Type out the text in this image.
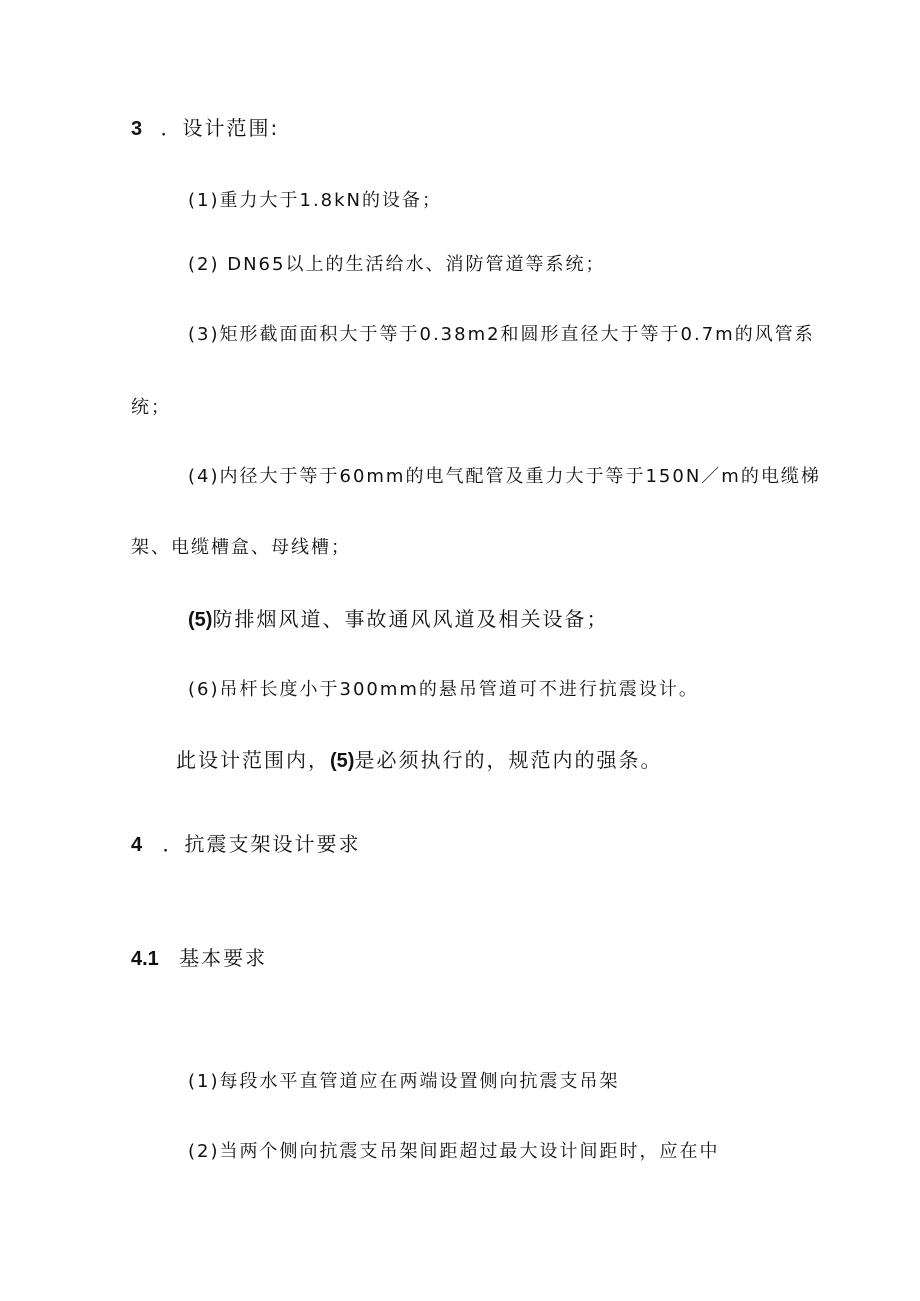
3 ．设计范围:
(1)重力大于1.8kN的设备；
(2) DN65以上的生活给水、消防管道等系统；
(3)矩形截面面积大于等于0.38m2和圆形直径大于等于0.7m的风管系
统；
(4)内径大于等于60mm的电气配管及重力大于等于150N／m的电缆梯
架、电缆槽盒、母线槽；
(5)防排烟风道、事故通风风道及相关设备；
(6)吊杆长度小于300mm的悬吊管道可不进行抗震设计。
此设计范围内，(5)是必须执行的，规范内的强条。
4 ．抗震支架设计要求
4.1 基本要求
(1)每段水平直管道应在两端设置侧向抗震支吊架
(2)当两个侧向抗震支吊架间距超过最大设计间距时，应在中
